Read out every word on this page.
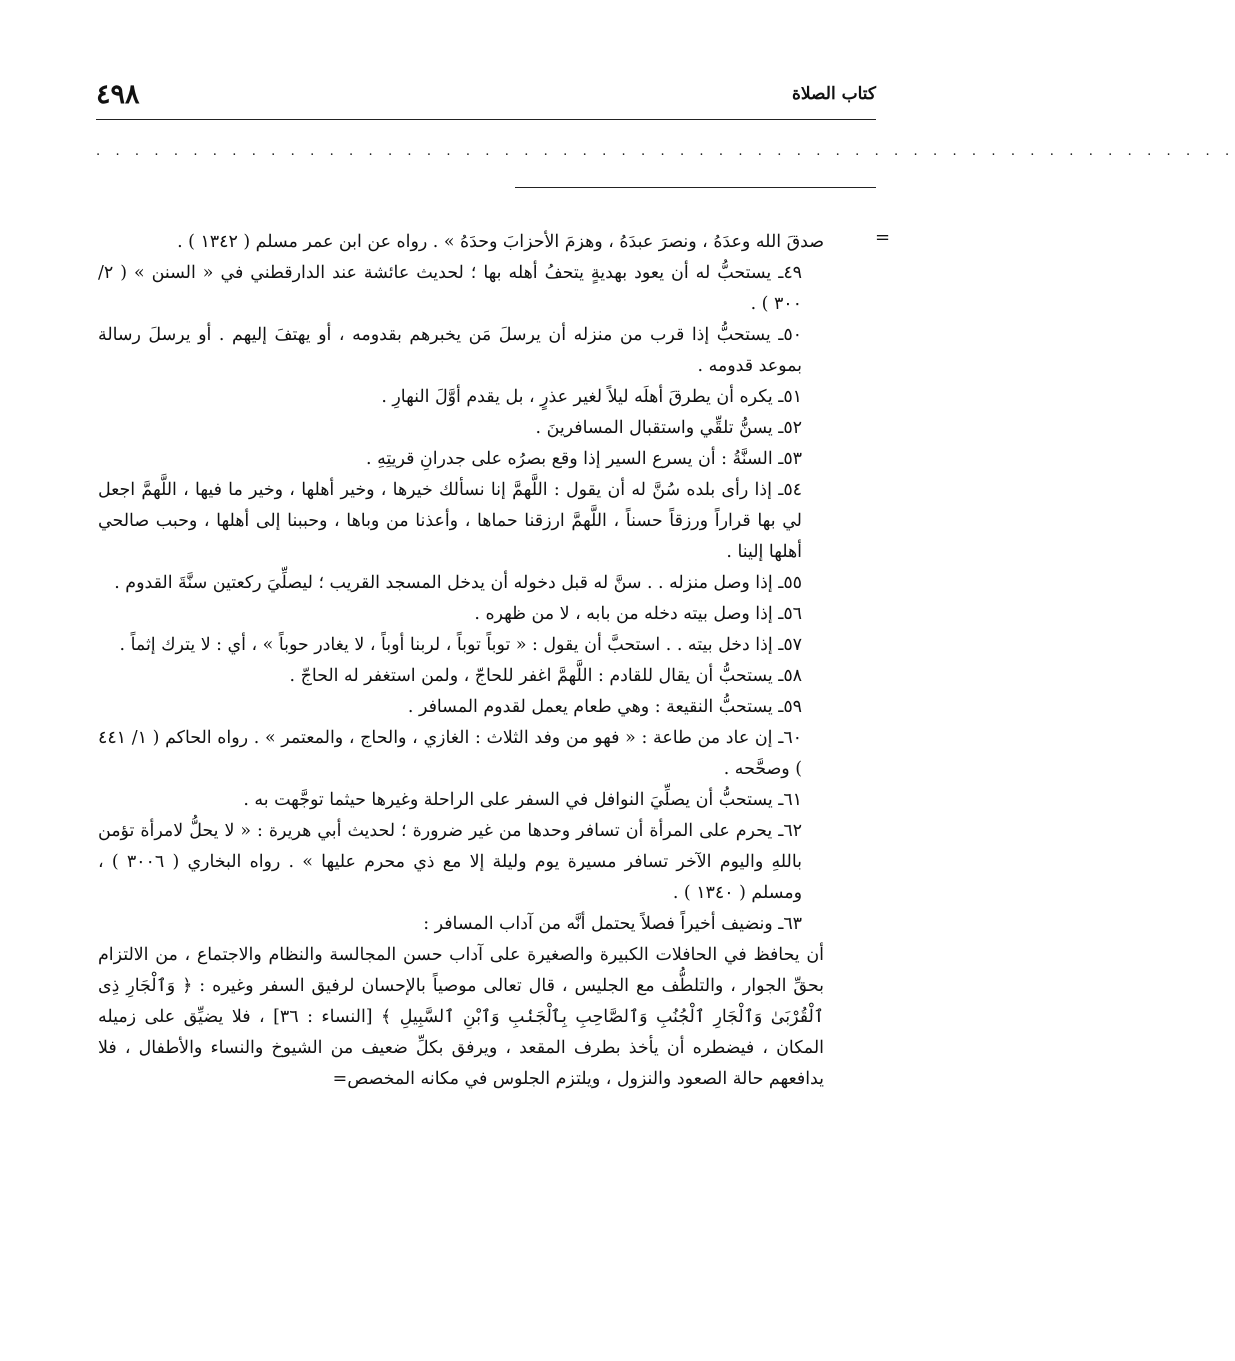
٤٩٨	كتاب الصلاة
. . . . . . . . . . . . . . . . . . . . . . . . . . . . . . . . . . . . . . . . . . . . . . . . . . . . . . . . . . .
=

صدقَ الله وعدَهُ ، ونصرَ عبدَهُ ، وهزمَ الأحزابَ وحدَهُ » . رواه عن ابن عمر مسلم ( ١٣٤٢ ) .

٤٩ـ يستحبُّ له أن يعود بهديةٍ يتحفُ أهله بها ؛ لحديث عائشة عند الدارقطني في « السنن » ( ٢/ ٣٠٠ ) .

٥٠ـ يستحبُّ إذا قرب من منزله أن يرسلَ مَن يخبرهم بقدومه ، أو يهتفَ إليهم . أو يرسلَ رسالة بموعد قدومه .

٥١ـ يكره أن يطرقَ أهلَه ليلاً لغير عذرٍ ، بل يقدم أوَّلَ النهارِ .

٥٢ـ يسنُّ تلقِّي واستقبال المسافرينَ .

٥٣ـ السنَّةُ : أن يسرع السير إذا وقع بصرُه على جدرانِ قريتِهِ .

٥٤ـ إذا رأى بلده سُنَّ له أن يقول : اللَّهمَّ إنا نسألك خيرها ، وخير أهلها ، وخير ما فيها ، اللَّهمَّ اجعل لي بها قراراً ورزقاً حسناً ، اللَّهمَّ ارزقنا حماها ، وأعذنا من وباها ، وحببنا إلى أهلها ، وحبب صالحي أهلها إلينا .

٥٥ـ إذا وصل منزله . . سنَّ له قبل دخوله أن يدخل المسجد القريب ؛ ليصلِّيَ ركعتين سنَّةَ القدوم .

٥٦ـ إذا وصل بيته دخله من بابه ، لا من ظهره .

٥٧ـ إذا دخل بيته . . استحبَّ أن يقول : « توباً توباً ، لربنا أوباً ، لا يغادر حوباً » ، أي : لا يترك إثماً .

٥٨ـ يستحبُّ أن يقال للقادم : اللَّهمَّ اغفر للحاجّ ، ولمن استغفر له الحاجّ .

٥٩ـ يستحبُّ النقيعة : وهي طعام يعمل لقدوم المسافر .

٦٠ـ إن عاد من طاعة : « فهو من وفد الثلاث : الغازي ، والحاج ، والمعتمر » . رواه الحاكم ( ١/ ٤٤١ ) وصحَّحه .

٦١ـ يستحبُّ أن يصلِّيَ النوافل في السفر على الراحلة وغيرها حيثما توجَّهت به .

٦٢ـ يحرم على المرأة أن تسافر وحدها من غير ضرورة ؛ لحديث أبي هريرة : « لا يحلُّ لامرأة تؤمن باللهِ واليوم الآخر تسافر مسيرة يوم وليلة إلا مع ذي محرم عليها » . رواه البخاري ( ٣٠٠٦ ) ، ومسلم ( ١٣٤٠ ) .

٦٣ـ ونضيف أخيراً فصلاً يحتمل أنَّه من آداب المسافر :

أن يحافظ في الحافلات الكبيرة والصغيرة على آداب حسن المجالسة والنظام والاجتماع ، من الالتزام بحقِّ الجوار ، والتلطُّف مع الجليس ، قال تعالى موصياً بالإحسان لرفيق السفر وغيره : ﴿ وَٱلْجَارِ ذِى ٱلْقُرْبَىٰ وَٱلْجَارِ ٱلْجُنُبِ وَٱلصَّاحِبِ بِٱلْجَنۢبِ وَٱبْنِ ٱلسَّبِيلِ ﴾ [النساء : ٣٦] ، فلا يضيِّق على زميله المكان ، فيضطره أن يأخذ بطرف المقعد ، ويرفق بكلِّ ضعيف من الشيوخ والنساء والأطفال ، فلا يدافعهم حالة الصعود والنزول ، ويلتزم الجلوس في مكانه المخصص=
